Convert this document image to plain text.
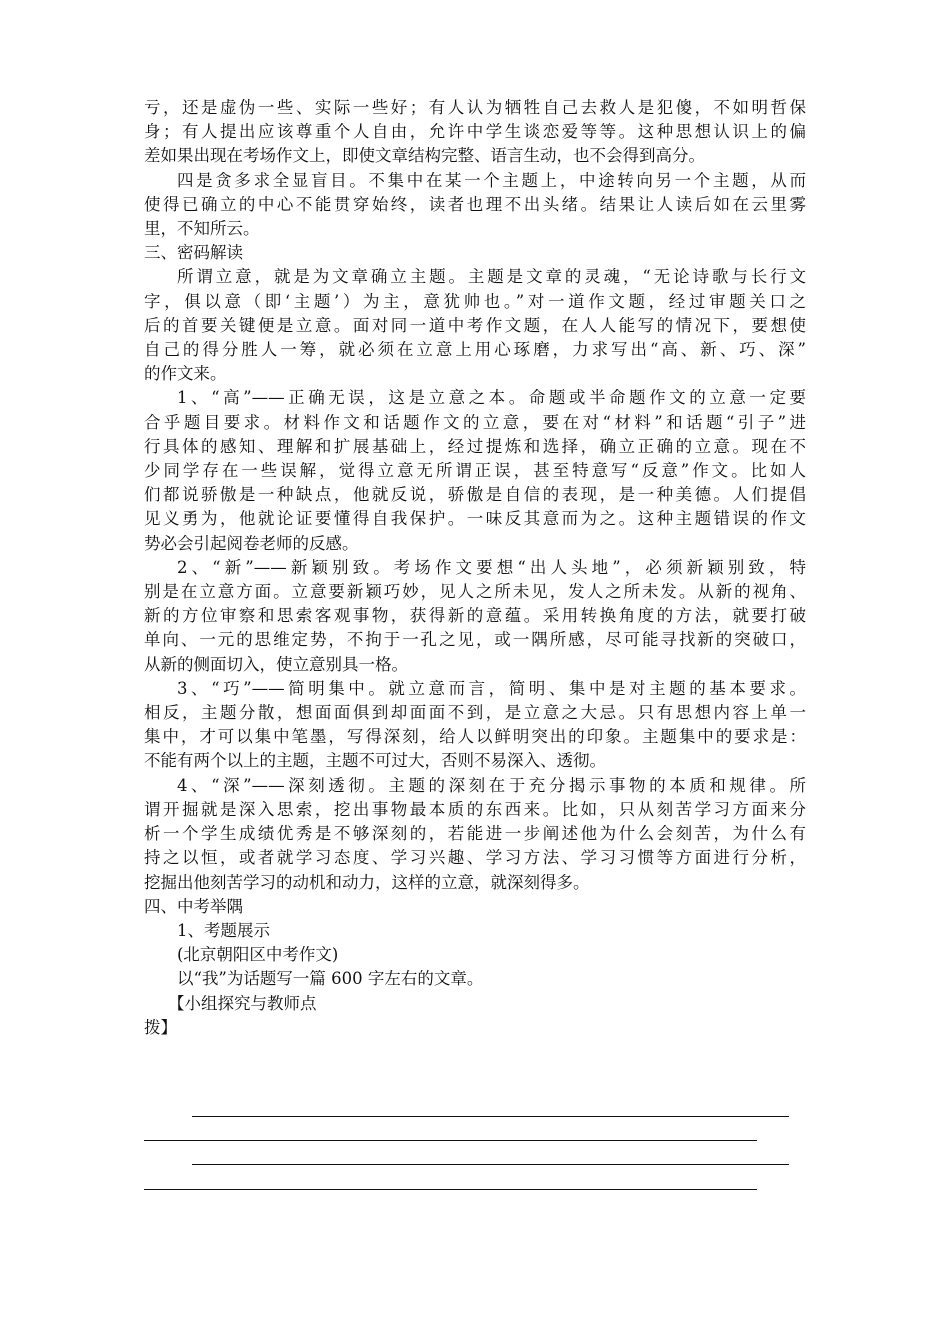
亏，还是虚伪一些、实际一些好；有人认为牺牲自己去救人是犯傻，不如明哲保
身；有人提出应该尊重个人自由，允许中学生谈恋爱等等。这种思想认识上的偏
差如果出现在考场作文上，即使文章结构完整、语言生动，也不会得到高分。
四是贪多求全显盲目。不集中在某一个主题上，中途转向另一个主题，从而
使得已确立的中心不能贯穿始终，读者也理不出头绪。结果让人读后如在云里雾
里，不知所云。
三、密码解读
所谓立意，就是为文章确立主题。主题是文章的灵魂，“无论诗歌与长行文
字，俱以意（即‘主题’）为主，意犹帅也。”对一道作文题，经过审题关口之
后的首要关键便是立意。面对同一道中考作文题，在人人能写的情况下，要想使
自己的得分胜人一筹，就必须在立意上用心琢磨，力求写出“高、新、巧、深”
的作文来。
1、“高”——正确无误，这是立意之本。命题或半命题作文的立意一定要
合乎题目要求。材料作文和话题作文的立意，要在对“材料”和话题“引子”进
行具体的感知、理解和扩展基础上，经过提炼和选择，确立正确的立意。现在不
少同学存在一些误解，觉得立意无所谓正误，甚至特意写“反意”作文。比如人
们都说骄傲是一种缺点，他就反说，骄傲是自信的表现，是一种美德。人们提倡
见义勇为，他就论证要懂得自我保护。一味反其意而为之。这种主题错误的作文
势必会引起阅卷老师的反感。
2、“新”——新颖别致。考场作文要想“出人头地”，必须新颖别致，特
别是在立意方面。立意要新颖巧妙，见人之所未见，发人之所未发。从新的视角、
新的方位审察和思索客观事物，获得新的意蕴。采用转换角度的方法，就要打破
单向、一元的思维定势，不拘于一孔之见，或一隅所感，尽可能寻找新的突破口，
从新的侧面切入，使立意别具一格。
3、“巧”——简明集中。就立意而言，简明、集中是对主题的基本要求。
相反，主题分散，想面面俱到却面面不到，是立意之大忌。只有思想内容上单一
集中，才可以集中笔墨，写得深刻，给人以鲜明突出的印象。主题集中的要求是：
不能有两个以上的主题，主题不可过大，否则不易深入、透彻。
4、“深”——深刻透彻。主题的深刻在于充分揭示事物的本质和规律。所
谓开掘就是深入思索，挖出事物最本质的东西来。比如，只从刻苦学习方面来分
析一个学生成绩优秀是不够深刻的，若能进一步阐述他为什么会刻苦，为什么有
持之以恒，或者就学习态度、学习兴趣、学习方法、学习习惯等方面进行分析，
挖掘出他刻苦学习的动机和动力，这样的立意，就深刻得多。
四、中考举隅
1、考题展示
(北京朝阳区中考作文)
以“我”为话题写一篇 600 字左右的文章。
【小组探究与教师点
拨】
